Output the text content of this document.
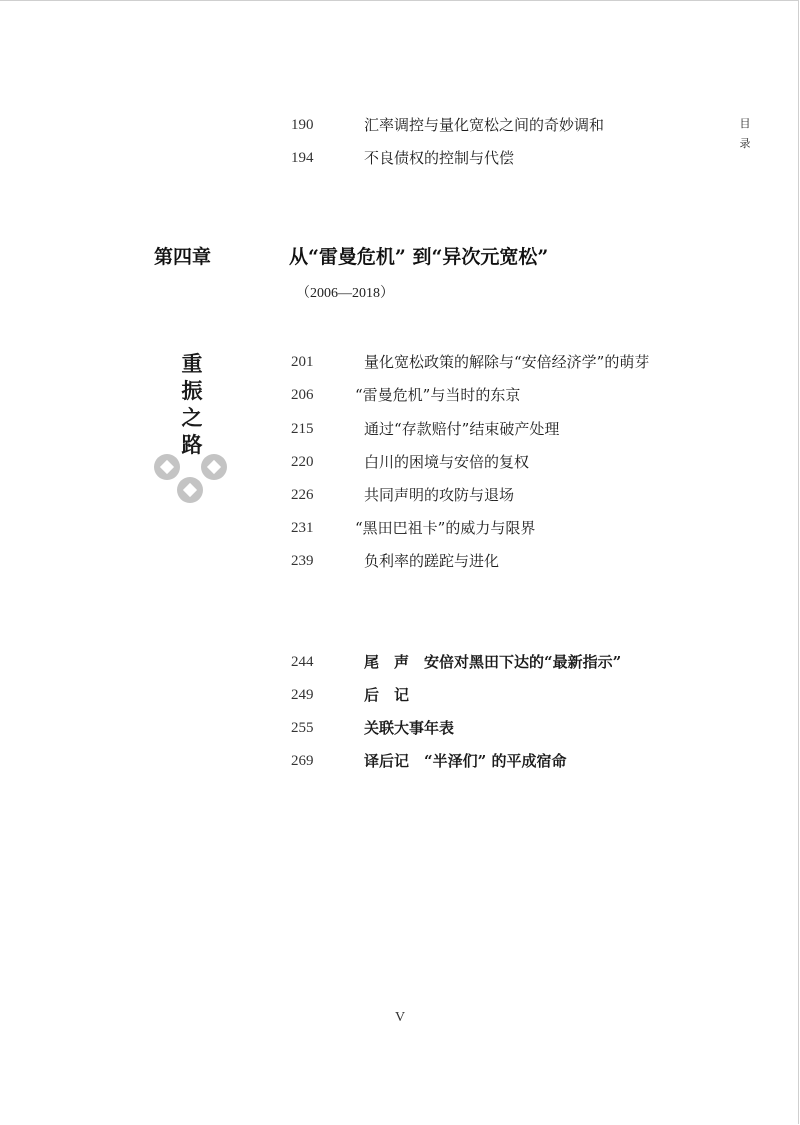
目录
190	汇率调控与量化宽松之间的奇妙调和
194	不良债权的控制与代偿
第四章	从“雷曼危机” 到“异次元宽松”
（2006—2018）
重振之路
201	量化宽松政策的解除与“安倍经济学”的萌芽
206	“雷曼危机”与当时的东京
215	通过“存款赔付”结束破产处理
220	白川的困境与安倍的复权
226	共同声明的攻防与退场
231	“黑田巴祖卡”的威力与限界
239	负利率的蹉跎与进化
244	尾　声　安倍对黑田下达的“最新指示”
249	后　记
255	关联大事年表
269	译后记　“半泽们” 的平成宿命
V
